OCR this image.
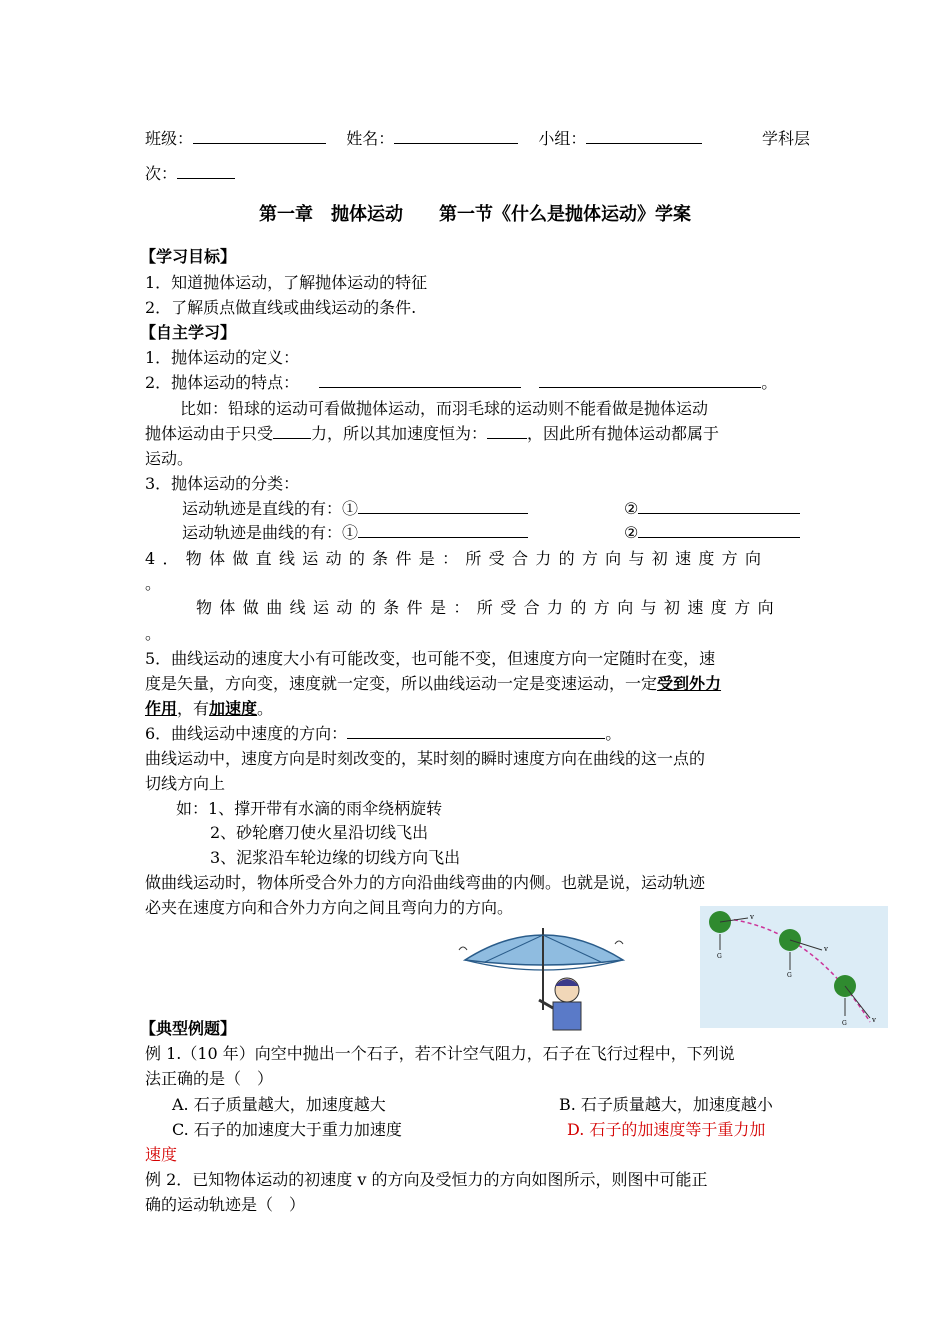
班级：	姓名：	小组：	学科层
次：
第一章　抛体运动　　第一节《什么是抛体运动》学案
【学习目标】
1．知道抛体运动，了解抛体运动的特征
2．了解质点做直线或曲线运动的条件.
【自主学习】
1．抛体运动的定义：
2．抛体运动的特点：	。
比如：铅球的运动可看做抛体运动，而羽毛球的运动则不能看做是抛体运动
抛体运动由于只受 力，所以其加速度恒为：	，因此所有抛体运动都属于
运动。
3．抛体运动的分类：
运动轨迹是直线的有：①	②
运动轨迹是曲线的有：①	②
4．物体做直线运动的条件是：所受合力的方向与初速度方向
。
物体做曲线运动的条件是：所受合力的方向与初速度方向
。
5．曲线运动的速度大小有可能改变，也可能不变，但速度方向一定随时在变，速
度是矢量，方向变，速度就一定变，所以曲线运动一定是变速运动，一定受到外力
作用，有加速度。
6．曲线运动中速度的方向：	。
曲线运动中，速度方向是时刻改变的，某时刻的瞬时速度方向在曲线的这一点的
切线方向上
如：1、撑开带有水滴的雨伞绕柄旋转
2、砂轮磨刀使火星沿切线飞出
3、泥浆沿车轮边缘的切线方向飞出
做曲线运动时，物体所受合外力的方向沿曲线弯曲的内侧。也就是说，运动轨迹
必夹在速度方向和合外力方向之间且弯向力的方向。	v
G
v
G
v
G
【典型例题】
例 1.（10 年）向空中抛出一个石子，若不计空气阻力，石子在飞行过程中，下列说
法正确的是（　）
A. 石子质量越大，加速度越大	B. 石子质量越大，加速度越小
C. 石子的加速度大于重力加速度	D. 石子的加速度等于重力加
速度
例 2．已知物体运动的初速度 v 的方向及受恒力的方向如图所示，则图中可能正
确的运动轨迹是（　）
